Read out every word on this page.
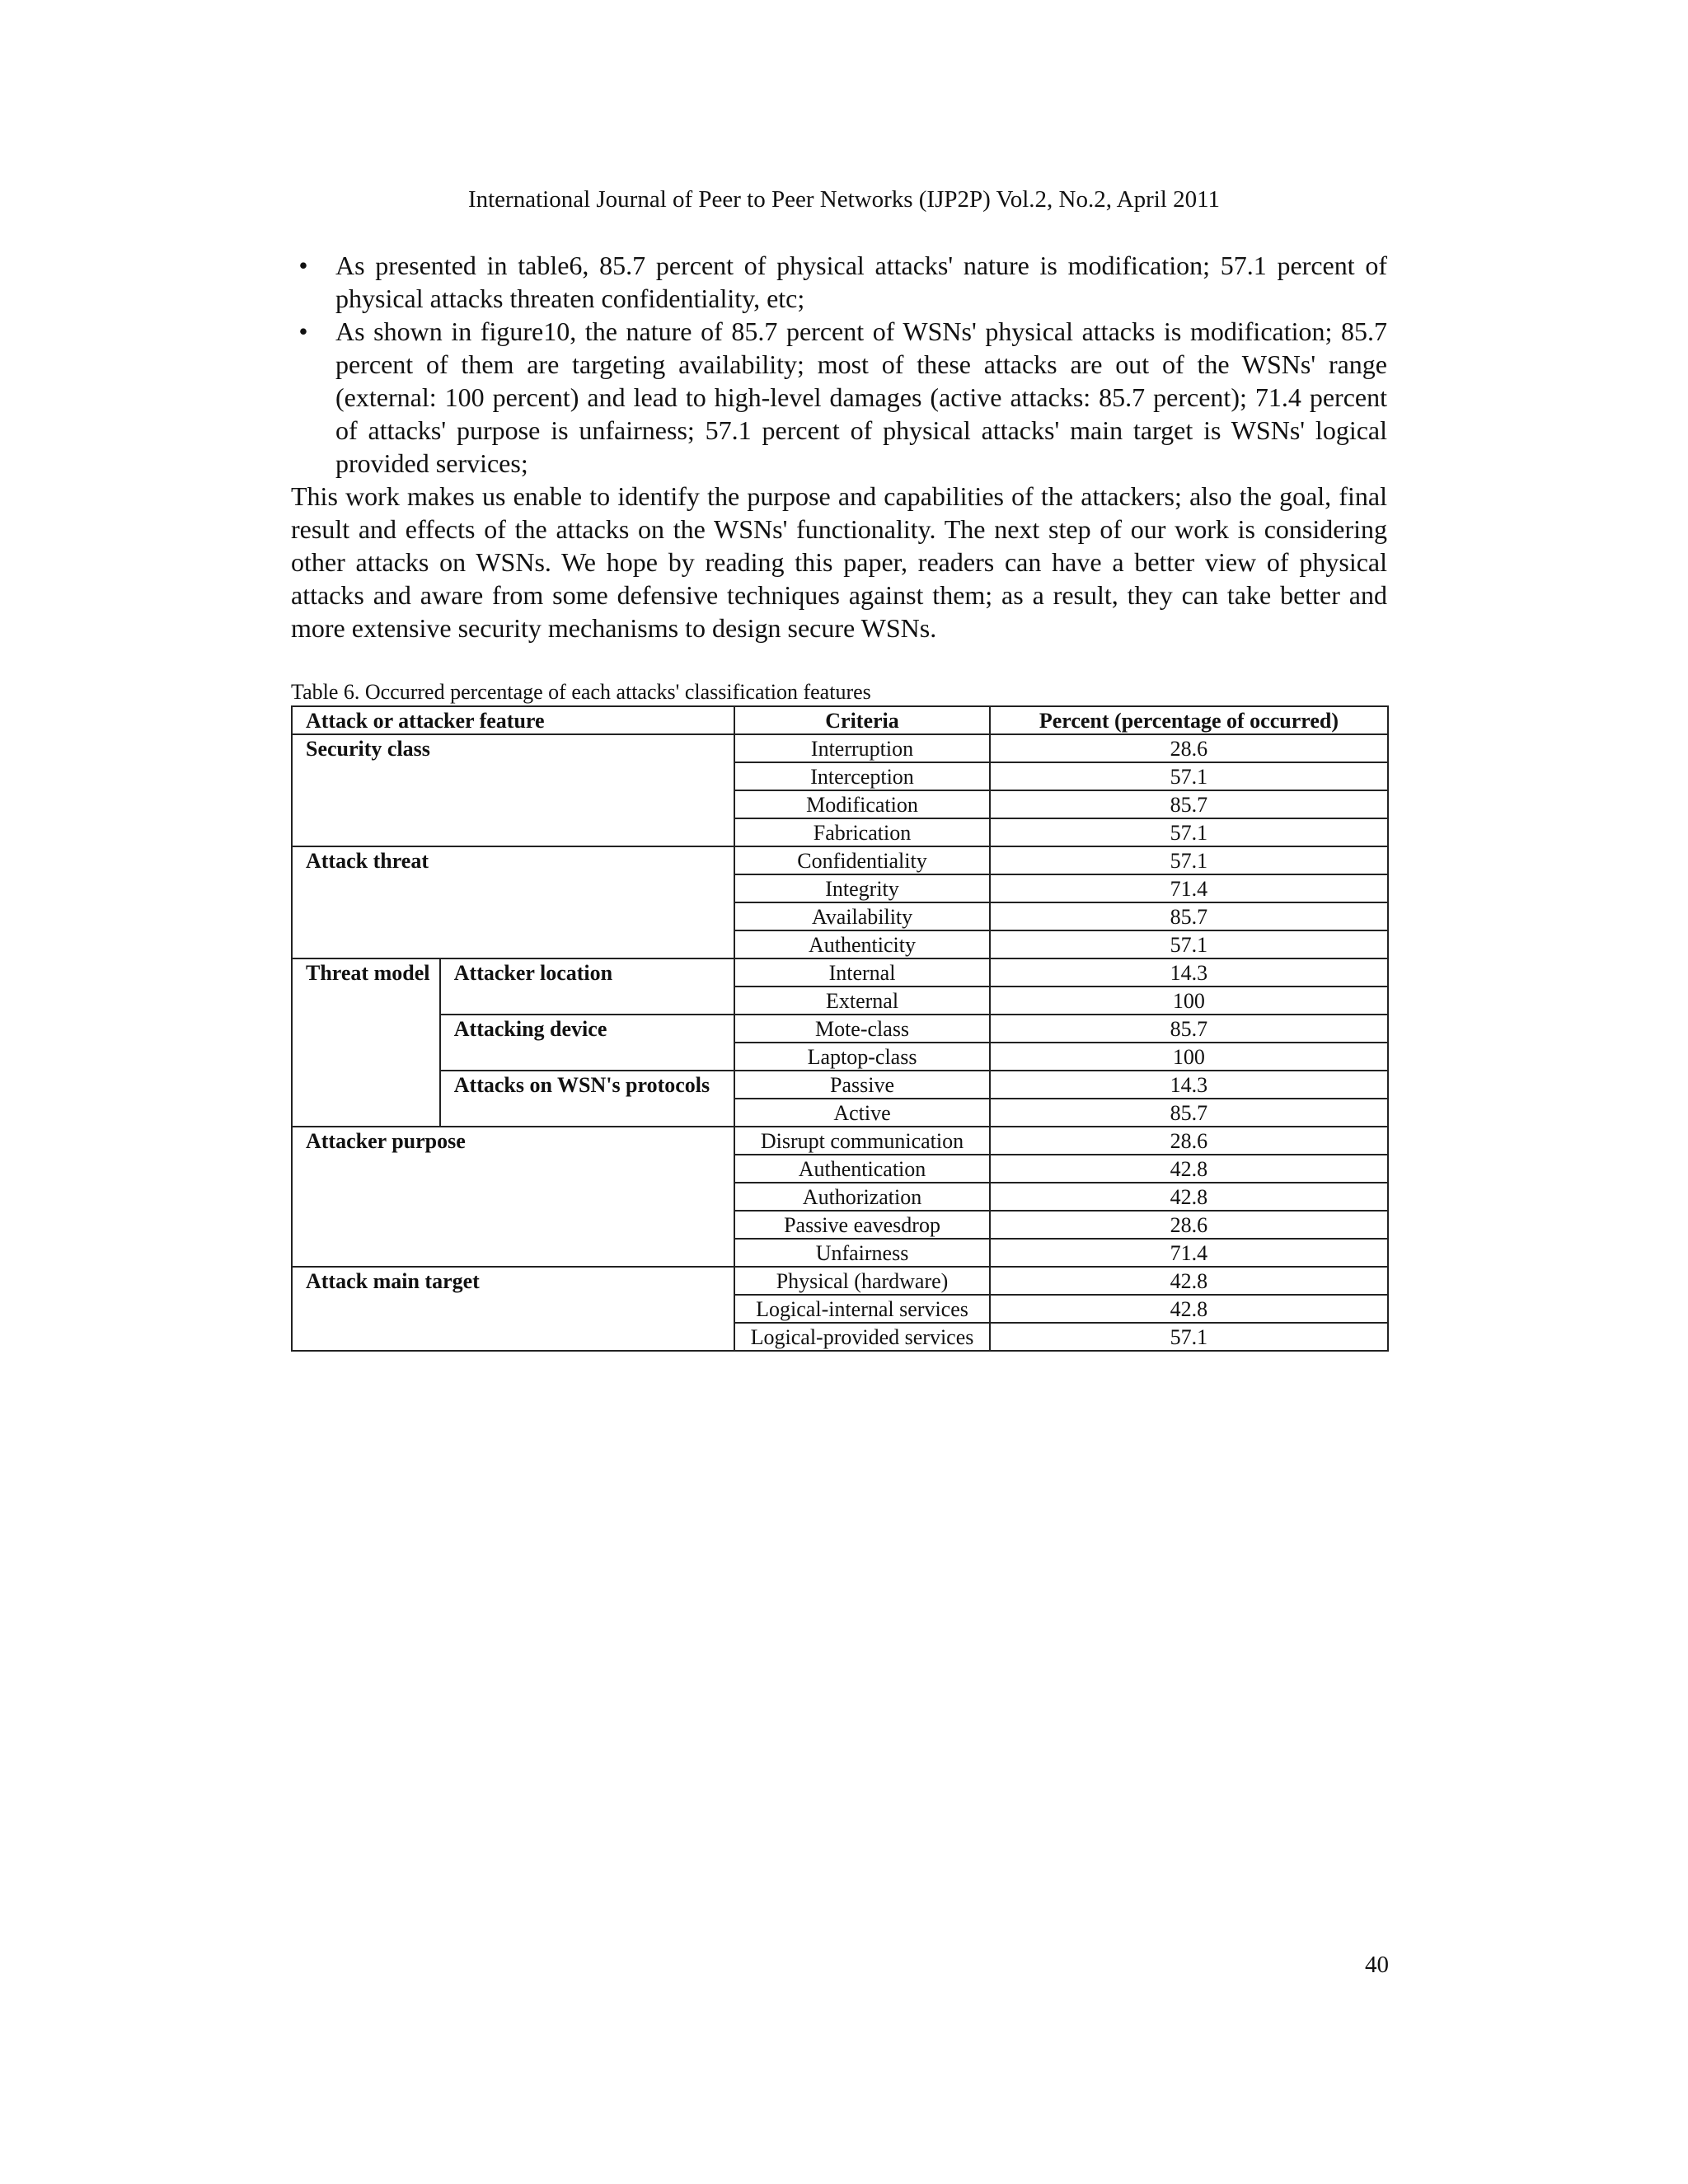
International Journal of Peer to Peer Networks (IJP2P) Vol.2, No.2, April 2011
• As presented in table6, 85.7 percent of physical attacks' nature is modification; 57.1 percent of physical attacks threaten confidentiality, etc;
• As shown in figure10, the nature of 85.7 percent of WSNs' physical attacks is modification; 85.7 percent of them are targeting availability; most of these attacks are out of the WSNs' range (external: 100 percent) and lead to high-level damages (active attacks: 85.7 percent); 71.4 percent of attacks' purpose is unfairness; 57.1 percent of physical attacks' main target is WSNs' logical provided services;

This work makes us enable to identify the purpose and capabilities of the attackers; also the goal, final result and effects of the attacks on the WSNs' functionality. The next step of our work is considering other attacks on WSNs. We hope by reading this paper, readers can have a better view of physical attacks and aware from some defensive techniques against them; as a result, they can take better and more extensive security mechanisms to design secure WSNs.

Table 6. Occurred percentage of each attacks' classification features
Attack or attacker feature		Criteria	Percent (percentage of occurred)
Security class		Interruption	28.6
		Interception	57.1
		Modification	85.7
		Fabrication	57.1
Attack threat		Confidentiality	57.1
		Integrity	71.4
		Availability	85.7
		Authenticity	57.1
Threat model	Attacker location	Internal	14.3
		External	100
	Attacking device	Mote-class	85.7
		Laptop-class	100
	Attacks on WSN's protocols	Passive	14.3
		Active	85.7
Attacker purpose		Disrupt communication	28.6
		Authentication	42.8
		Authorization	42.8
		Passive eavesdrop	28.6
		Unfairness	71.4
Attack main target		Physical (hardware)	42.8
		Logical-internal services	42.8
		Logical-provided services	57.1
40
